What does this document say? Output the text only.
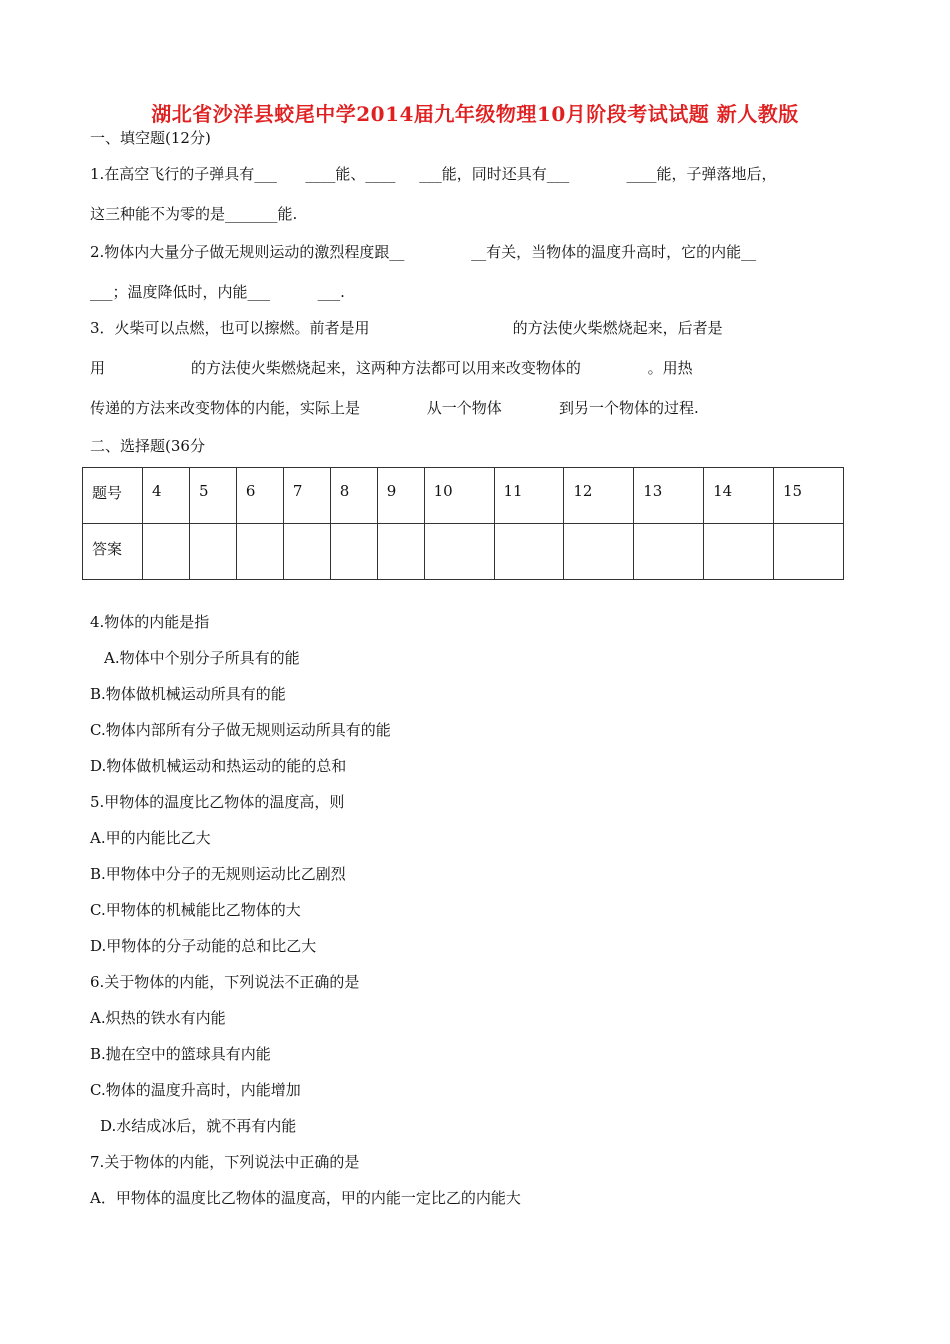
湖北省沙洋县蛟尾中学2014届九年级物理10月阶段考试试题 新人教版
一、填空题(12分)
1.在高空飞行的子弹具有___      ____能、____     ___能，同时还具有___            ____能，子弹落地后，
这三种能不为零的是_______能.
2.物体内大量分子做无规则运动的激烈程度跟__              __有关，当物体的温度升高时，它的内能__
___；温度降低时，内能___          ___.
3．火柴可以点燃，也可以擦燃。前者是用                              的方法使火柴燃烧起来，后者是
用                  的方法使火柴燃烧起来，这两种方法都可以用来改变物体的              。用热
传递的方法来改变物体的内能，实际上是              从一个物体            到另一个物体的过程.
二、选择题(36分
题号	4	5	6	7	8	9	10	11	12	13	14	15
答案												
4.物体的内能是指
A.物体中个别分子所具有的能
B.物体做机械运动所具有的能
C.物体内部所有分子做无规则运动所具有的能
D.物体做机械运动和热运动的能的总和
5.甲物体的温度比乙物体的温度高，则
A.甲的内能比乙大
B.甲物体中分子的无规则运动比乙剧烈
C.甲物体的机械能比乙物体的大
D.甲物体的分子动能的总和比乙大
6.关于物体的内能，下列说法不正确的是
A.炽热的铁水有内能
B.抛在空中的篮球具有内能
C.物体的温度升高时，内能增加
D.水结成冰后，就不再有内能
7.关于物体的内能，下列说法中正确的是
A．甲物体的温度比乙物体的温度高，甲的内能一定比乙的内能大
